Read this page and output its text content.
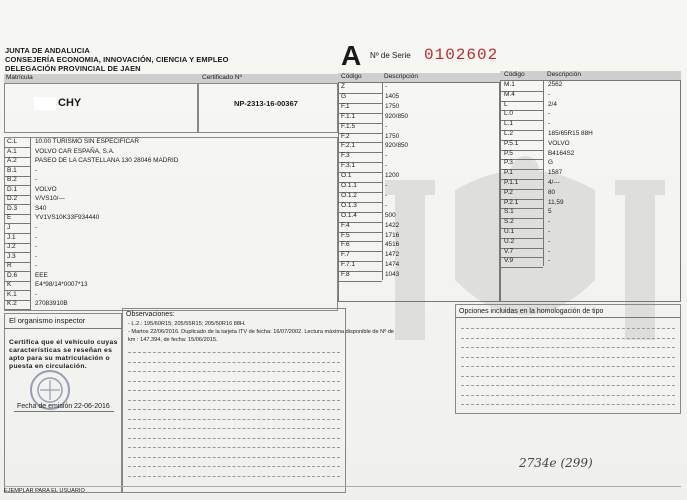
JUNTA DE ANDALUCIA
CONSEJERÍA ECONOMIA, INNOVACIÓN, CIENCIA Y EMPLEO
DELEGACIÓN PROVINCIAL DE JAEN	A Nº de Serie 0102602
Matrícula	Certificado Nº
CHY	NP-2313-16-00367
C.L	10.00 TURISMO SIN ESPECIFICAR
A.1	VOLVO CAR ESPAÑA, S.A.
A.2	PASEO DE LA CASTELLANA 130 28046 MADRID
B.1	-
B.2	-
D.1	VOLVO
D.2	V/VS10/---
D.3	S40
E	YV1VS10K33F934440
J	-
J.1	-
J.2	-
J.3	-
R	-
D.6	EEE
K	E4*98/14*0007*13
K.1	-
K.2	27083910B
Código	Descripción
Z	-
G	1405
F.1	1750
F.1.1	920/850
F.1.5	-
F.2	1750
F.2.1	920/850
F.3	-
F.3.1	-
O.1	1200
O.1.1	-
O.1.2	-
O.1.3	-
O.1.4	500
F.4	1422
F.5	1716
F.6	4516
F.7	1472
F.7.1	1474
F.8	1043
Código	Descripción
M.1	2562
M.4	-
L	2/4
L.0	-
L.1	-
L.2	185/65R15 88H
P.5.1	VOLVO
P.5	B4164S2
P.3	G
P.1	1587
P.1.1	4/---
P.2	80
P.2.1	11,59
S.1	5
S.2	-
U.1	-
U.2	-
V.7	-
V.9	-
El organismo inspector
Certifica que el vehículo cuyas
características se reseñan es
apto para su matriculación o
puesta en circulación.
Fecha de emisión 22-06-2016
Observaciones:
- L.2.: 195/60R15; 205/55R15; 205/50R16 88H.
- Martos 22/06/2016. Duplicado de la tarjeta ITV de fecha: 16/07/2002. Lectura máxima disponible de Nº de
km : 147.394, de fecha: 15/06/2015.
Opciones incluidas en la homologación de tipo
2734e (299)
EJEMPLAR PARA EL USUARIO
